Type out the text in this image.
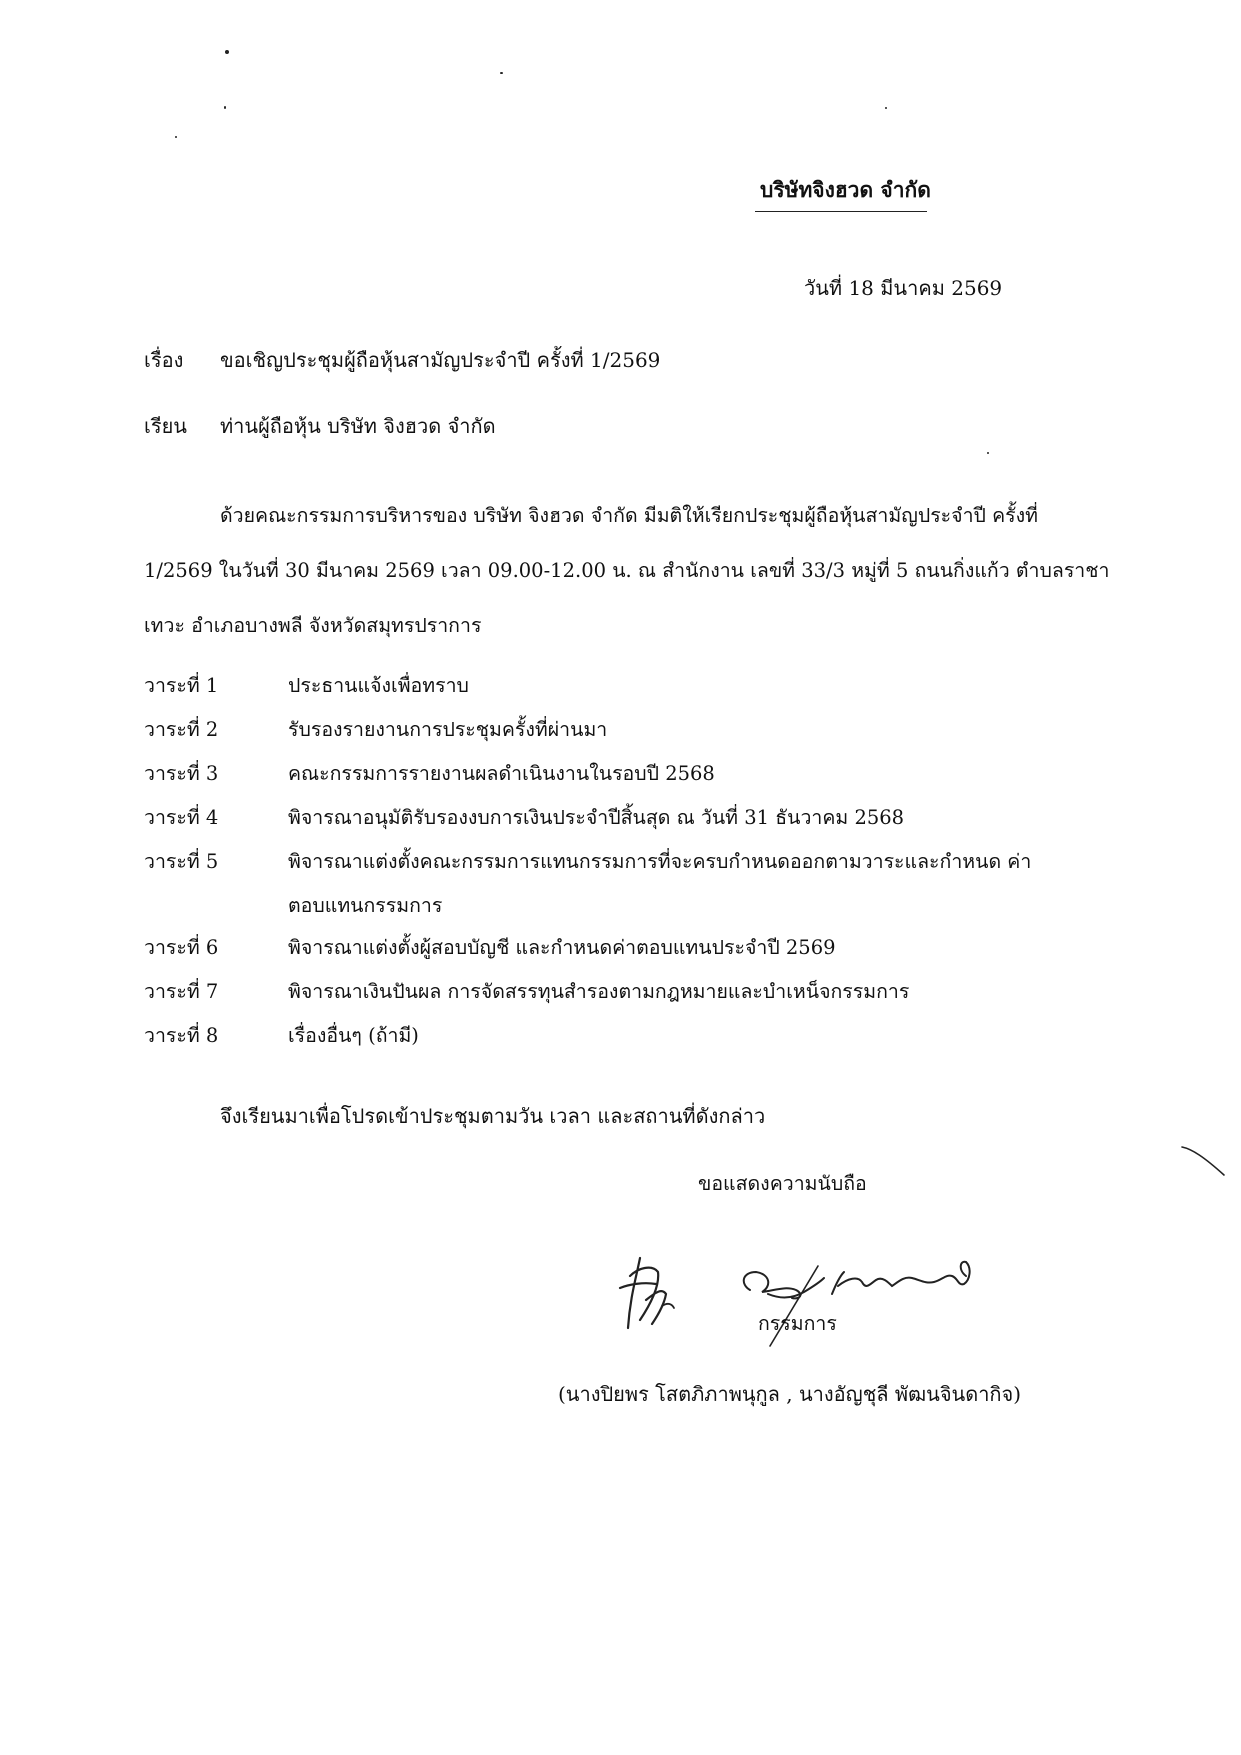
บริษัทจิงฮวด จำกัด
วันที่ 18 มีนาคม 2569
เรื่อง ขอเชิญประชุมผู้ถือหุ้นสามัญประจำปี ครั้งที่ 1/2569
เรียน ท่านผู้ถือหุ้น บริษัท จิงฮวด จำกัด
ด้วยคณะกรรมการบริหารของ บริษัท จิงฮวด จำกัด มีมติให้เรียกประชุมผู้ถือหุ้นสามัญประจำปี ครั้งที่
1/2569 ในวันที่ 30 มีนาคม 2569 เวลา 09.00-12.00 น. ณ สำนักงาน เลขที่ 33/3 หมู่ที่ 5 ถนนกิ่งแก้ว ตำบลราชา
เทวะ อำเภอบางพลี จังหวัดสมุทรปราการ
วาระที่ 1	ประธานแจ้งเพื่อทราบ
วาระที่ 2	รับรองรายงานการประชุมครั้งที่ผ่านมา
วาระที่ 3	คณะกรรมการรายงานผลดำเนินงานในรอบปี 2568
วาระที่ 4	พิจารณาอนุมัติรับรองงบการเงินประจำปีสิ้นสุด ณ วันที่ 31 ธันวาคม 2568
วาระที่ 5	พิจารณาแต่งตั้งคณะกรรมการแทนกรรมการที่จะครบกำหนดออกตามวาระและกำหนด ค่าตอบแทนกรรมการ
วาระที่ 6	พิจารณาแต่งตั้งผู้สอบบัญชี และกำหนดค่าตอบแทนประจำปี 2569
วาระที่ 7	พิจารณาเงินปันผล การจัดสรรทุนสำรองตามกฎหมายและบำเหน็จกรรมการ
วาระที่ 8	เรื่องอื่นๆ (ถ้ามี)
จึงเรียนมาเพื่อโปรดเข้าประชุมตามวัน เวลา และสถานที่ดังกล่าว
ขอแสดงความนับถือ
กรรมการ
(นางปิยพร โสตภิภาพนุกูล , นางอัญชุลี พัฒนจินดากิจ)
